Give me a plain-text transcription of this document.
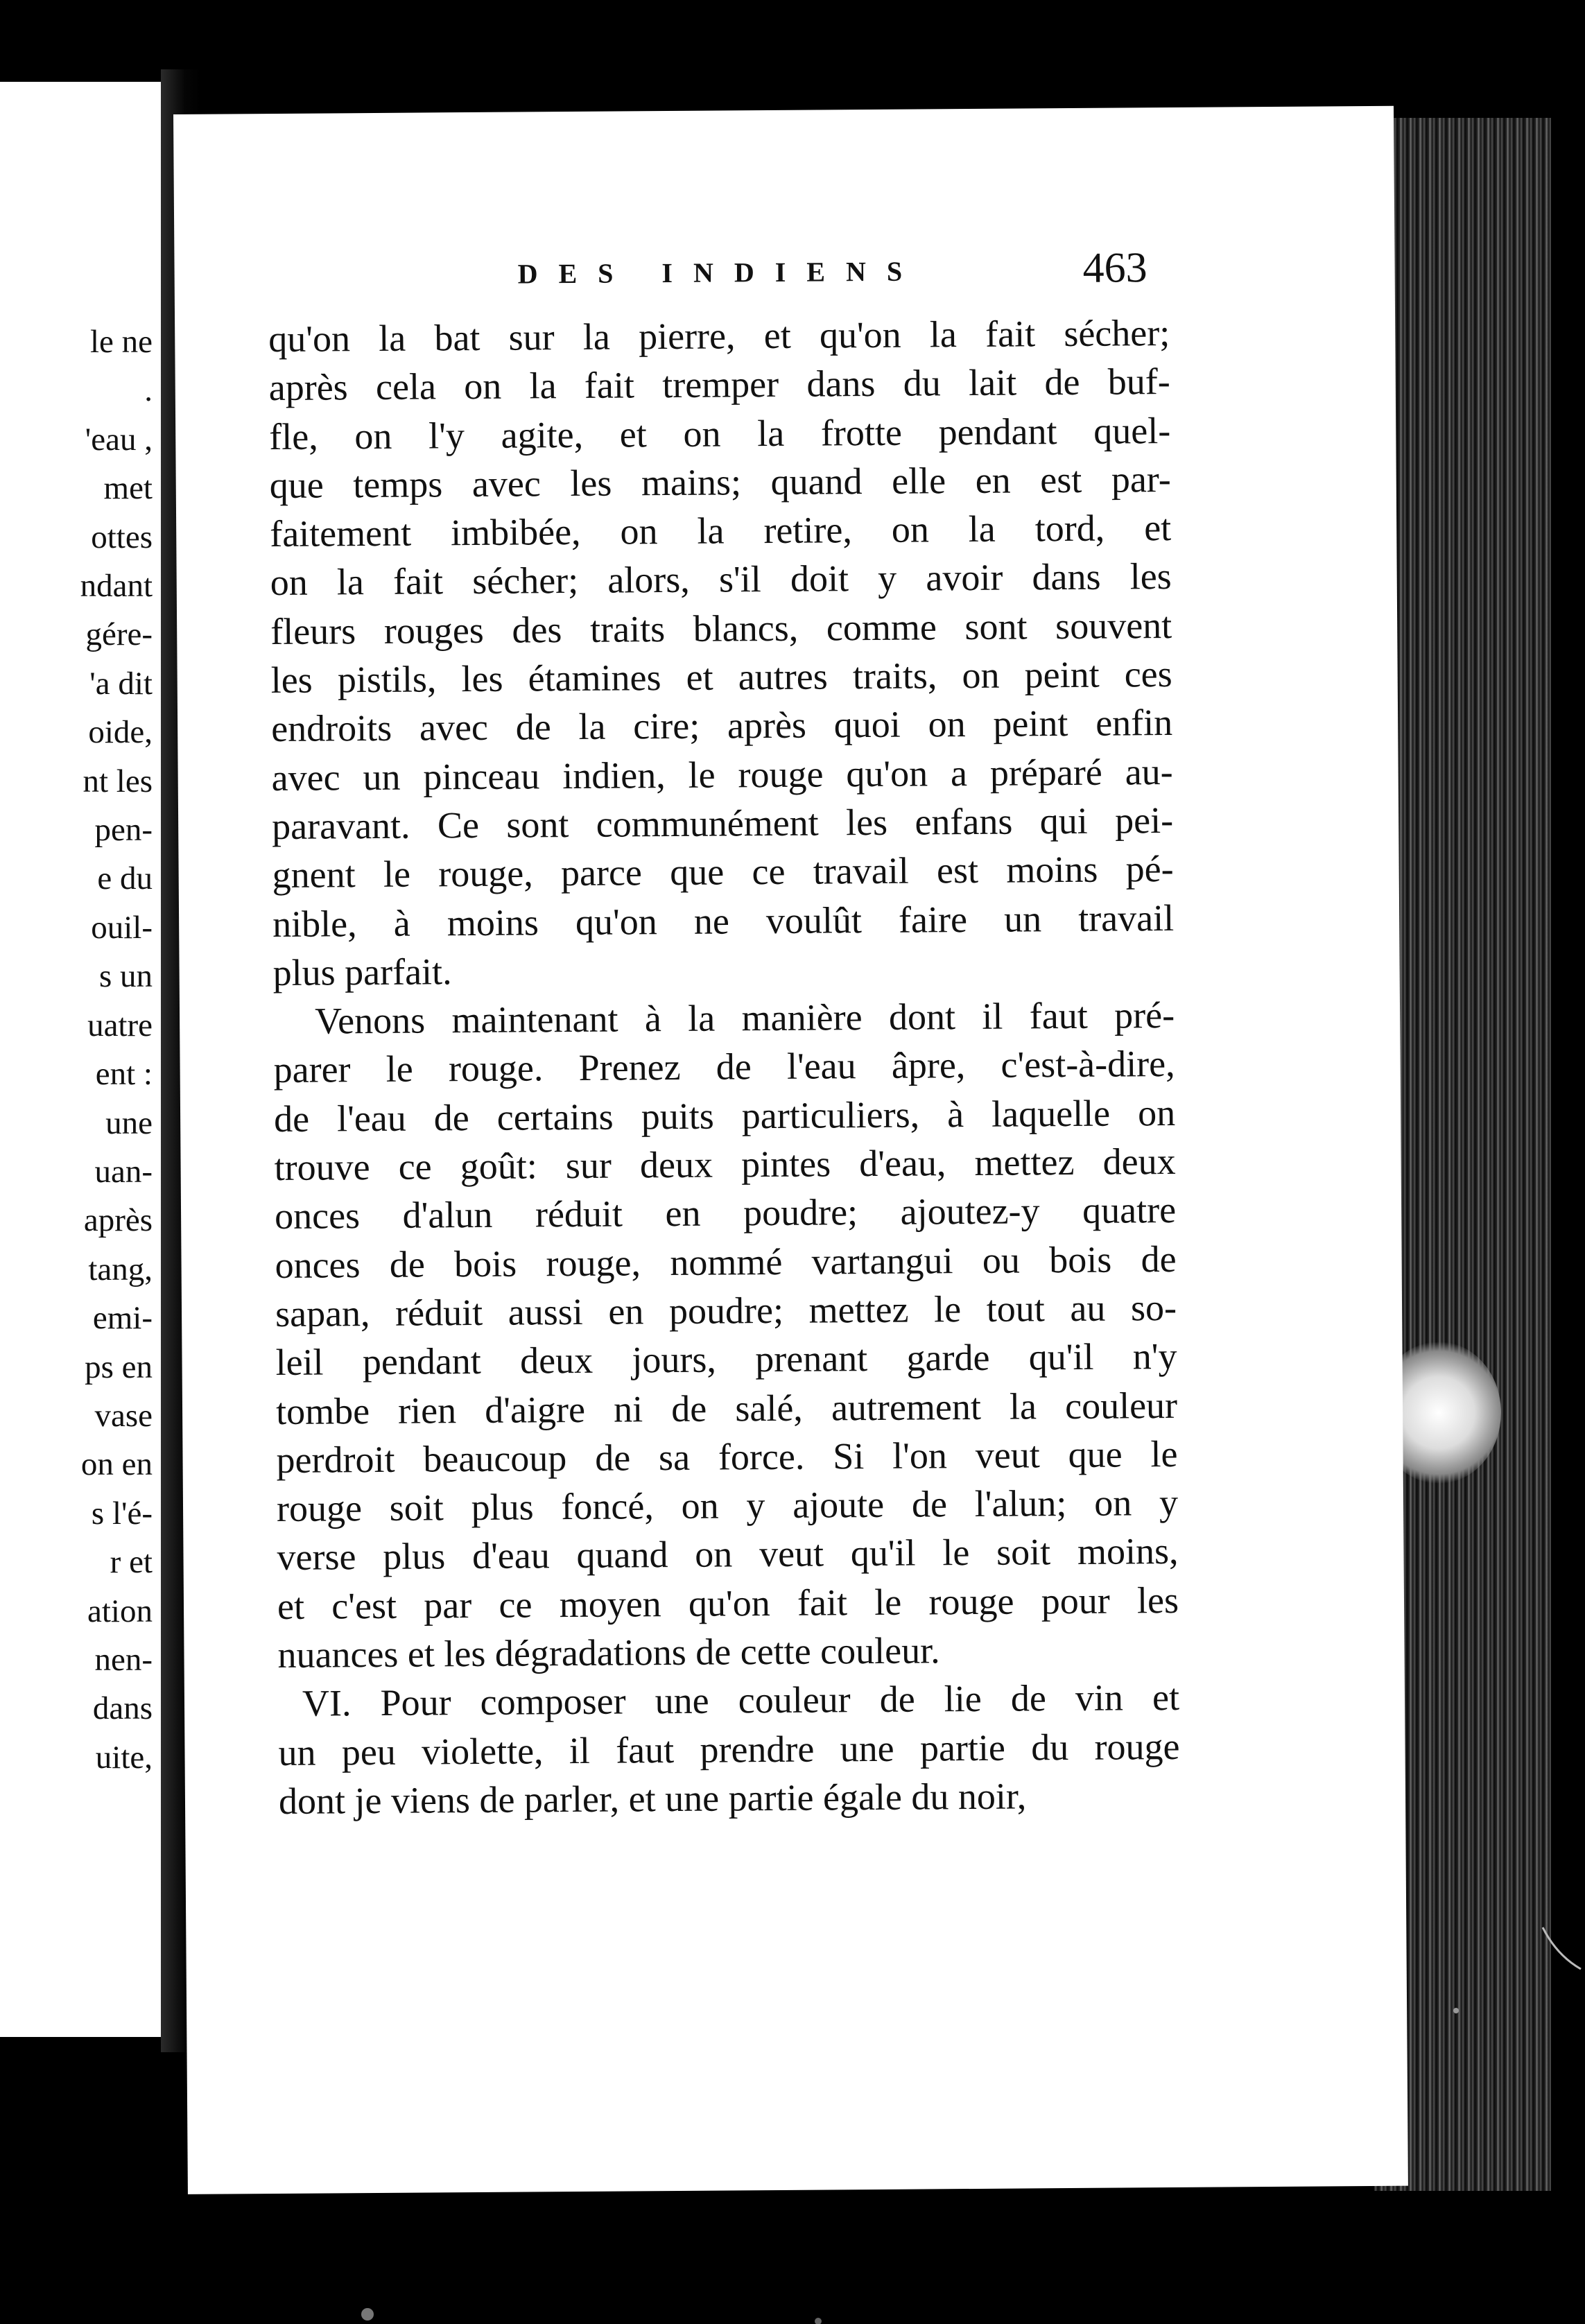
le ne
.
'eau ,
met
ottes
ndant
gére-
'a dit
oide,
nt les
pen-
e du
ouil-
s un
uatre
ent :
une
uan-
après
tang,
emi-
ps en
vase
on en
s l'é-
r et
ation
nen-
dans
uite,
DES INDIENS	463
qu'on la bat sur la pierre, et qu'on la fait sécher;
après cela on la fait tremper dans du lait de buf-
fle, on l'y agite, et on la frotte pendant quel-
que temps avec les mains; quand elle en est par-
faitement imbibée, on la retire, on la tord, et
on la fait sécher; alors, s'il doit y avoir dans les
fleurs rouges des traits blancs, comme sont souvent
les pistils, les étamines et autres traits, on peint ces
endroits avec de la cire; après quoi on peint enfin
avec un pinceau indien, le rouge qu'on a préparé au-
paravant. Ce sont communément les enfans qui pei-
gnent le rouge, parce que ce travail est moins pé-
nible, à moins qu'on ne voulût faire un travail
plus parfait.
Venons maintenant à la manière dont il faut pré-
parer le rouge. Prenez de l'eau âpre, c'est-à-dire,
de l'eau de certains puits particuliers, à laquelle on
trouve ce goût: sur deux pintes d'eau, mettez deux
onces d'alun réduit en poudre; ajoutez-y quatre
onces de bois rouge, nommé vartangui ou bois de
sapan, réduit aussi en poudre; mettez le tout au so-
leil pendant deux jours, prenant garde qu'il n'y
tombe rien d'aigre ni de salé, autrement la couleur
perdroit beaucoup de sa force. Si l'on veut que le
rouge soit plus foncé, on y ajoute de l'alun; on y
verse plus d'eau quand on veut qu'il le soit moins,
et c'est par ce moyen qu'on fait le rouge pour les
nuances et les dégradations de cette couleur.
VI. Pour composer une couleur de lie de vin et
un peu violette, il faut prendre une partie du rouge
dont je viens de parler, et une partie égale du noir,
